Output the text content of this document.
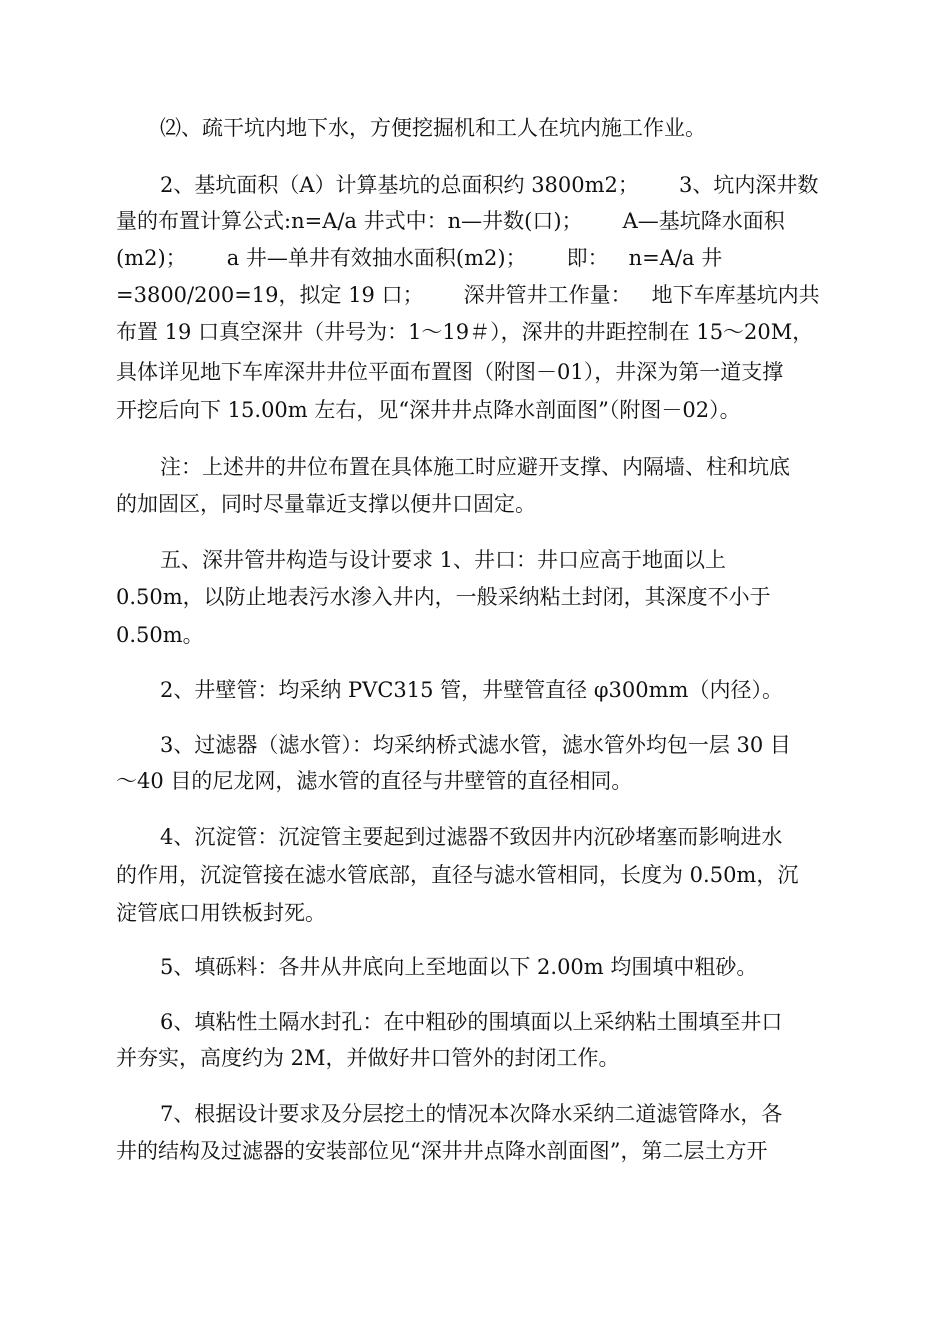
⑵、疏干坑内地下水，方便挖掘机和工人在坑内施工作业。
2、基坑面积（A）计算基坑的总面积约 3800m2；      3、坑内深井数
量的布置计算公式:n=A/a 井式中：n—井数(口)；      A—基坑降水面积
(m2)；      a 井—单井有效抽水面积(m2)；      即：   n=A/a 井
=3800/200=19，拟定 19 口；      深井管井工作量：   地下车库基坑内共
布置 19 口真空深井（井号为：1～19＃），深井的井距控制在 15～20M，
具体详见地下车库深井井位平面布置图（附图－01），井深为第一道支撑
开挖后向下 15.00m 左右，见“深井井点降水剖面图”（附图－02）。
注：上述井的井位布置在具体施工时应避开支撑、内隔墙、柱和坑底
的加固区，同时尽量靠近支撑以便井口固定。
五、深井管井构造与设计要求 1、井口：井口应高于地面以上
0.50m，以防止地表污水渗入井内，一般采纳粘土封闭，其深度不小于
0.50m。
2、井壁管：均采纳 PVC315 管，井壁管直径 φ300mm（内径）。
3、过滤器（滤水管）：均采纳桥式滤水管，滤水管外均包一层 30 目
～40 目的尼龙网，滤水管的直径与井壁管的直径相同。
4、沉淀管：沉淀管主要起到过滤器不致因井内沉砂堵塞而影响进水
的作用，沉淀管接在滤水管底部，直径与滤水管相同，长度为 0.50m，沉
淀管底口用铁板封死。
5、填砾料：各井从井底向上至地面以下 2.00m 均围填中粗砂。
6、填粘性土隔水封孔：在中粗砂的围填面以上采纳粘土围填至井口
并夯实，高度约为 2M，并做好井口管外的封闭工作。
7、根据设计要求及分层挖土的情况本次降水采纳二道滤管降水，各
井的结构及过滤器的安装部位见“深井井点降水剖面图”，第二层土方开
